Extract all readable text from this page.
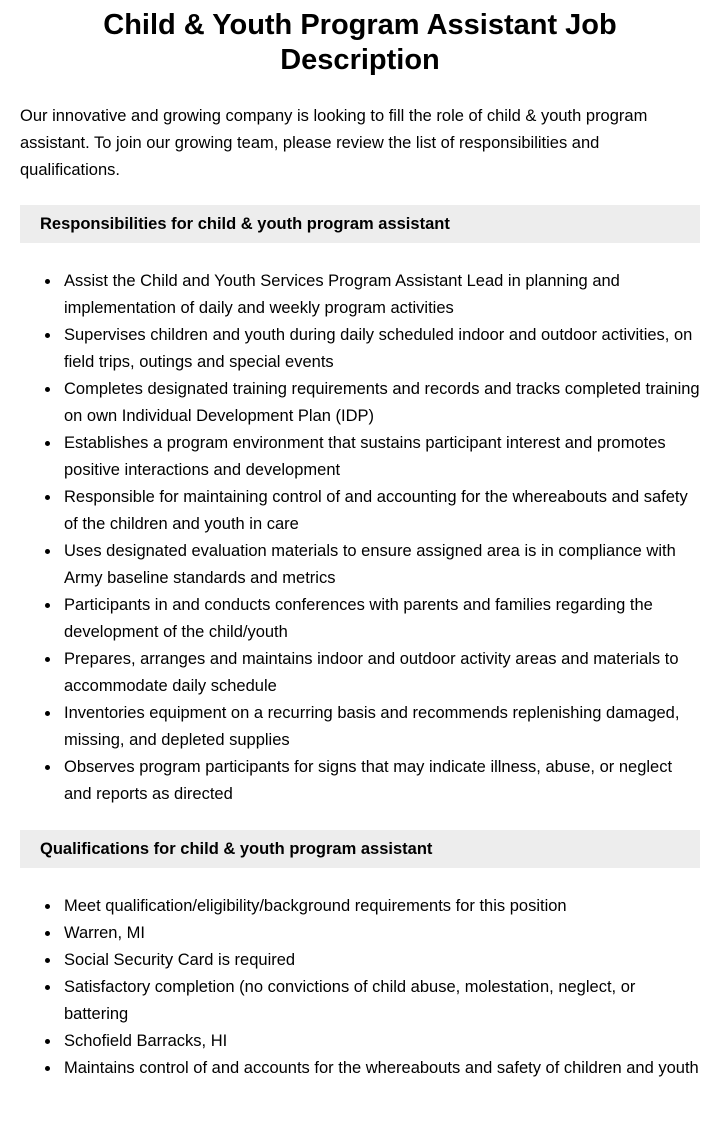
Child & Youth Program Assistant Job Description

Our innovative and growing company is looking to fill the role of child & youth program assistant. To join our growing team, please review the list of responsibilities and qualifications.

Responsibilities for child & youth program assistant
• Assist the Child and Youth Services Program Assistant Lead in planning and implementation of daily and weekly program activities
• Supervises children and youth during daily scheduled indoor and outdoor activities, on field trips, outings and special events
• Completes designated training requirements and records and tracks completed training on own Individual Development Plan (IDP)
• Establishes a program environment that sustains participant interest and promotes positive interactions and development
• Responsible for maintaining control of and accounting for the whereabouts and safety of the children and youth in care
• Uses designated evaluation materials to ensure assigned area is in compliance with Army baseline standards and metrics
• Participants in and conducts conferences with parents and families regarding the development of the child/youth
• Prepares, arranges and maintains indoor and outdoor activity areas and materials to accommodate daily schedule
• Inventories equipment on a recurring basis and recommends replenishing damaged, missing, and depleted supplies
• Observes program participants for signs that may indicate illness, abuse, or neglect and reports as directed
Qualifications for child & youth program assistant
• Meet qualification/eligibility/background requirements for this position
• Warren, MI
• Social Security Card is required
• Satisfactory completion (no convictions of child abuse, molestation, neglect, or battering
• Schofield Barracks, HI
• Maintains control of and accounts for the whereabouts and safety of children and youth
